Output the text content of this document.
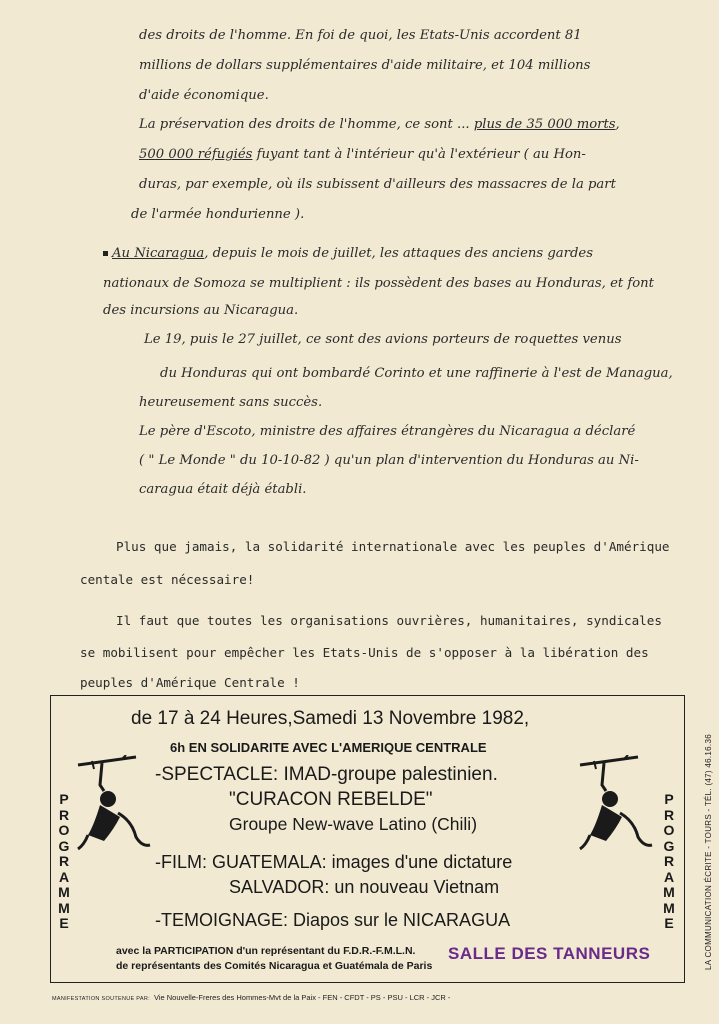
des droits de l'homme. En foi de quoi, les Etats-Unis accordent 81

millions de dollars supplémentaires d'aide militaire, et 104 millions

d'aide économique.

La préservation des droits de l'homme, ce sont ... plus de 35 000 morts,

500 000 réfugiés fuyant tant à l'intérieur qu'à l'extérieur ( au Hon-

duras, par exemple, où ils subissent d'ailleurs des massacres de la part

de l'armée hondurienne ).

Au Nicaragua, depuis le mois de juillet, les attaques des anciens gardes

nationaux de Somoza se multiplient : ils possèdent des bases au Honduras, et font

des incursions au Nicaragua.

Le 19, puis le 27 juillet, ce sont des avions porteurs de roquettes venus

du Honduras qui ont bombardé Corinto et une raffinerie à l'est de Managua,

heureusement sans succès.

Le père d'Escoto, ministre des affaires étrangères du Nicaragua a déclaré

( " Le Monde " du 10-10-82 ) qu'un plan d'intervention du Honduras au Ni-

caragua était déjà établi.

Plus que jamais, la solidarité internationale avec les peuples d'Amérique

centale est nécessaire!

Il faut que toutes les organisations ouvrières, humanitaires, syndicales

se mobilisent pour empêcher les Etats-Unis de s'opposer à la libération des

peuples d'Amérique Centrale !

de 17 à 24 Heures,Samedi 13 Novembre 1982,

6h EN SOLIDARITE AVEC L'AMERIQUE CENTRALE

-SPECTACLE: IMAD-groupe palestinien.

"CURACON REBELDE"

Groupe New-wave Latino (Chili)

-FILM: GUATEMALA: images d'une dictature

SALVADOR: un nouveau Vietnam

-TEMOIGNAGE: Diapos sur le NICARAGUA

avec la PARTICIPATION d'un représentant du F.D.R.-F.M.L.N.

de représentants des Comités Nicaragua et Guatémala de Paris

SALLE DES TANNEURS

P
R
O
G
R
A
M
M
E
P
R
O
G
R
A
M
M
E	LA COMMUNICATION ÉCRITE - TOURS - TÉL. (47) 46.16.36
MANIFESTATION SOUTENUE PAR: Vie Nouvelle-Freres des Hommes-Mvt de la Paix - FEN - CFDT - PS - PSU - LCR - JCR -
